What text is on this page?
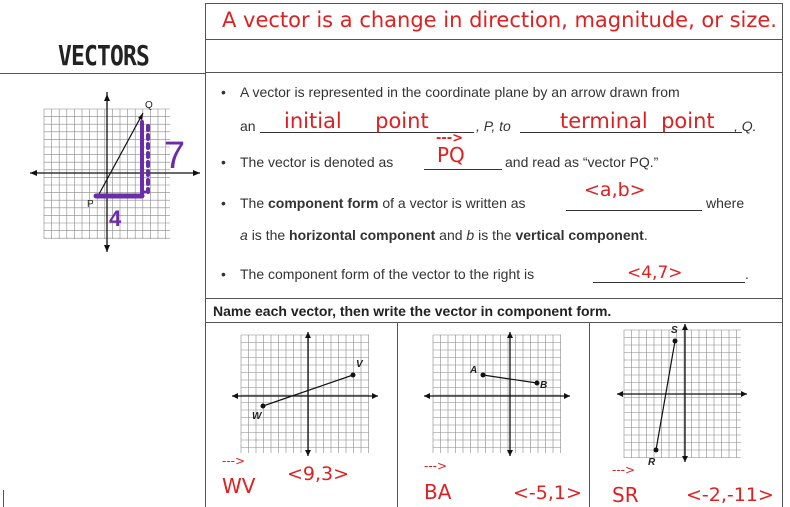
A vector is a change in direction, magnitude, or size.
VECTORS
Q
P
7
4
• A vector is represented in the coordinate plane by an arrow drawn from
an initial     point	, P, to terminal  point , Q.
• The vector is denoted as
--->
PQ	and read as “vector PQ.”
<a,b>
• The component form of a vector is written as	where
a is the horizontal component and b is the vertical component.
• The component form of the vector to the right is	<4,7>	.
Name each vector, then write the vector in component form.
V
W
A
B
S
R
--->
WV <9,3>	--->
BA	<-5,1>
--->
SR <-2,-11>
